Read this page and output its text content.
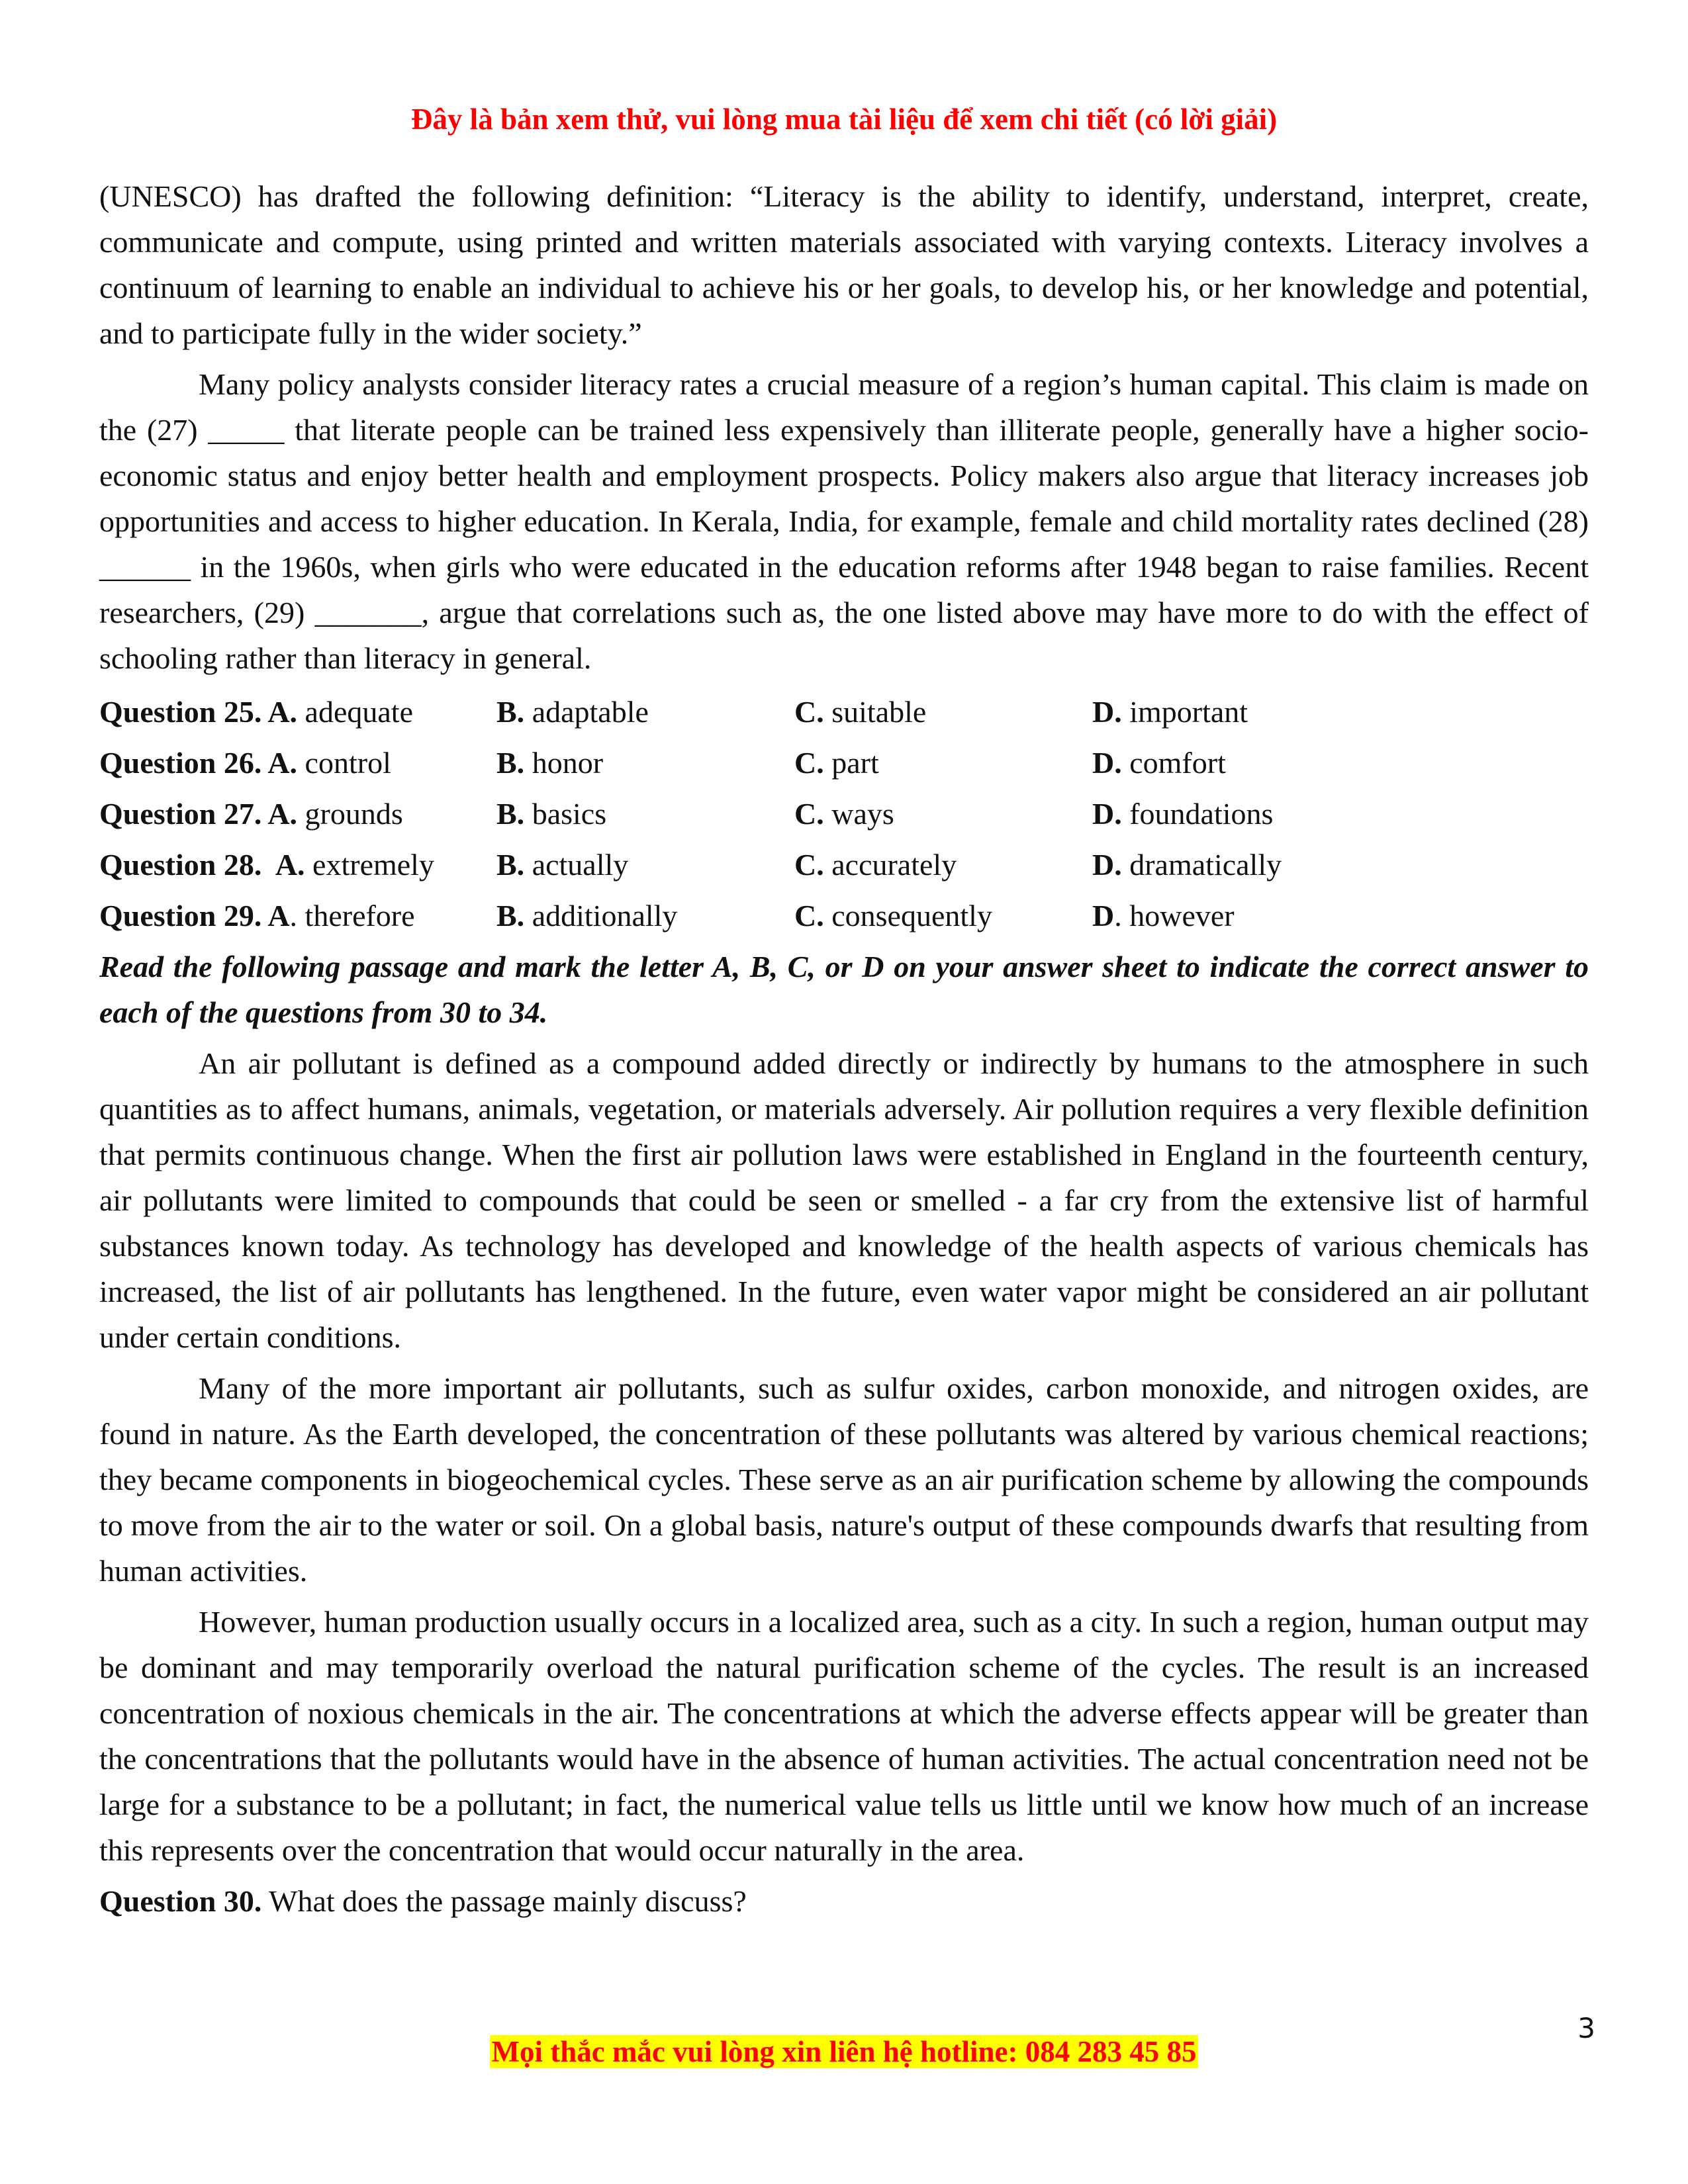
Đây là bản xem thử, vui lòng mua tài liệu để xem chi tiết (có lời giải)

(UNESCO) has drafted the following definition: “Literacy is the ability to identify, understand, interpret, create, communicate and compute, using printed and written materials associated with varying contexts. Literacy involves a continuum of learning to enable an individual to achieve his or her goals, to develop his, or her knowledge and potential, and to participate fully in the wider society.”

Many policy analysts consider literacy rates a crucial measure of a region’s human capital. This claim is made on the (27) _____ that literate people can be trained less expensively than illiterate people, generally have a higher socio-economic status and enjoy better health and employment prospects. Policy makers also argue that literacy increases job opportunities and access to higher education. In Kerala, India, for example, female and child mortality rates declined (28) ______ in the 1960s, when girls who were educated in the education reforms after 1948 began to raise families. Recent researchers, (29) _______, argue that correlations such as, the one listed above may have more to do with the effect of schooling rather than literacy in general.

Question 25. A. adequate	B. adaptable	C. suitable	D. important
Question 26. A. control	B. honor	C. part	D. comfort
Question 27. A. grounds	B. basics	C. ways	D. foundations
Question 28.  A. extremely	B. actually	C. accurately	D. dramatically
Question 29. A. therefore	B. additionally	C. consequently	D. however

Read the following passage and mark the letter A, B, C, or D on your answer sheet to indicate the correct answer to each of the questions from 30 to 34.

An air pollutant is defined as a compound added directly or indirectly by humans to the atmosphere in such quantities as to affect humans, animals, vegetation, or materials adversely. Air pollution requires a very flexible definition that permits continuous change. When the first air pollution laws were established in England in the fourteenth century, air pollutants were limited to compounds that could be seen or smelled - a far cry from the extensive list of harmful substances known today. As technology has developed and knowledge of the health aspects of various chemicals has increased, the list of air pollutants has lengthened. In the future, even water vapor might be considered an air pollutant under certain conditions.

Many of the more important air pollutants, such as sulfur oxides, carbon monoxide, and nitrogen oxides, are found in nature. As the Earth developed, the concentration of these pollutants was altered by various chemical reactions; they became components in biogeochemical cycles. These serve as an air purification scheme by allowing the compounds to move from the air to the water or soil. On a global basis, nature's output of these compounds dwarfs that resulting from human activities.

However, human production usually occurs in a localized area, such as a city. In such a region, human output may be dominant and may temporarily overload the natural purification scheme of the cycles. The result is an increased concentration of noxious chemicals in the air. The concentrations at which the adverse effects appear will be greater than the concentrations that the pollutants would have in the absence of human activities. The actual concentration need not be large for a substance to be a pollutant; in fact, the numerical value tells us little until we know how much of an increase this represents over the concentration that would occur naturally in the area.

Question 30. What does the passage mainly discuss?

3
Mọi thắc mắc vui lòng xin liên hệ hotline: 084 283 45 85
